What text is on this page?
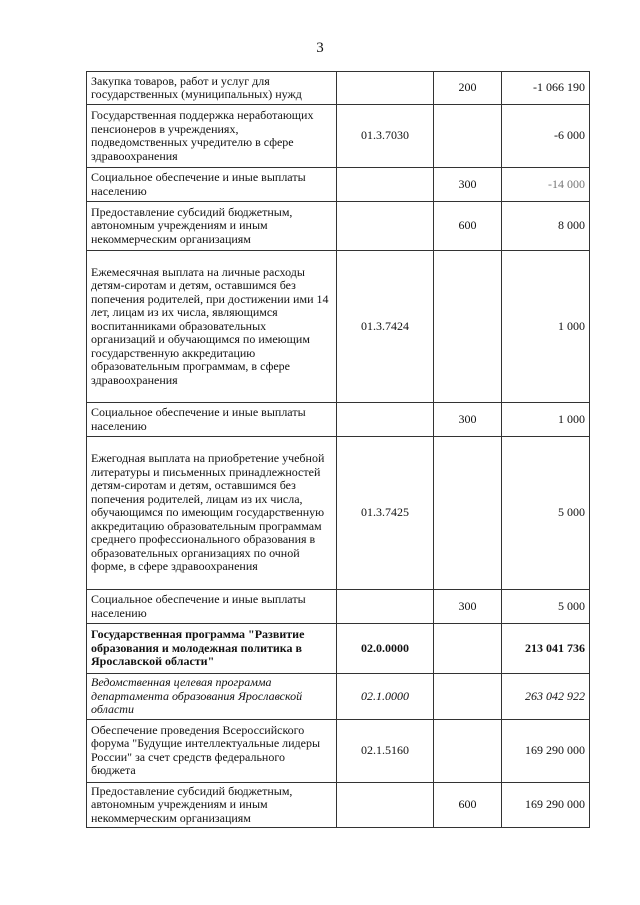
3
Закупка товаров, работ и услуг для государственных (муниципальных) нужд		200	-1 066 190
Государственная поддержка неработающих пенсионеров в учреждениях, подведомственных учредителю в сфере здравоохранения	01.3.7030		-6 000
Социальное обеспечение и иные выплаты населению		300	-14 000
Предоставление субсидий бюджетным, автономным учреждениям и иным некоммерческим организациям		600	8 000
Ежемесячная выплата на личные расходы детям-сиротам и детям, оставшимся без попечения родителей, при достижении ими 14 лет, лицам из их числа, являющимся воспитанниками образовательных организаций и обучающимся по имеющим государственную аккредитацию образовательным программам, в сфере здравоохранения	01.3.7424		1 000
Социальное обеспечение и иные выплаты населению		300	1 000
Ежегодная выплата на приобретение учебной литературы и письменных принадлежностей детям-сиротам и детям, оставшимся без попечения родителей, лицам из их числа, обучающимся по имеющим государственную аккредитацию образовательным программам среднего профессионального образования в образовательных организациях по очной форме, в сфере здравоохранения	01.3.7425		5 000
Социальное обеспечение и иные выплаты населению		300	5 000
Государственная программа "Развитие образования и молодежная политика в Ярославской области"	02.0.0000		213 041 736
Ведомственная целевая программа департамента образования Ярославской области	02.1.0000		263 042 922
Обеспечение проведения Всероссийского форума "Будущие интеллектуальные лидеры России" за счет средств федерального бюджета	02.1.5160		169 290 000
Предоставление субсидий бюджетным, автономным учреждениям и иным некоммерческим организациям		600	169 290 000
